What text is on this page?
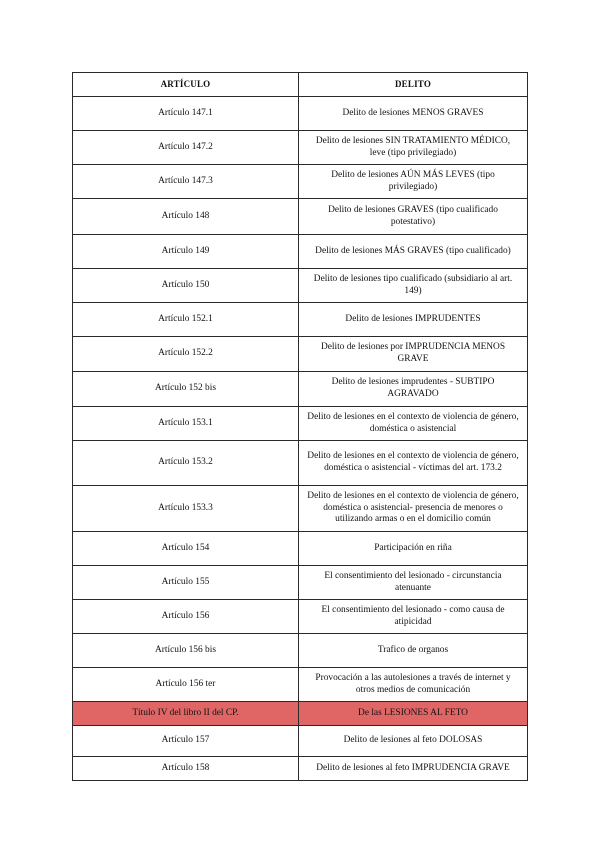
ARTÍCULO	DELITO
Artículo 147.1	Delito de lesiones MENOS GRAVES
Artículo 147.2	Delito de lesiones SIN TRATAMIENTO MÉDICO, leve (tipo privilegiado)
Artículo 147.3	Delito de lesiones AÚN MÁS LEVES (tipo privilegiado)
Artículo 148	Delito de lesiones GRAVES (tipo cualificado potestativo)
Artículo 149	Delito de lesiones MÁS GRAVES (tipo cualificado)
Artículo 150	Delito de lesiones tipo cualificado (subsidiario al art. 149)
Artículo 152.1	Delito de lesiones IMPRUDENTES
Artículo 152.2	Delito de lesiones por IMPRUDENCIA MENOS GRAVE
Artículo 152 bis	Delito de lesiones imprudentes - SUBTIPO AGRAVADO
Artículo 153.1	Delito de lesiones en el contexto de violencia de género, doméstica o asistencial
Artículo 153.2	Delito de lesiones en el contexto de violencia de género, doméstica o asistencial - víctimas del art. 173.2
Artículo 153.3	Delito de lesiones en el contexto de violencia de género, doméstica o asistencial- presencia de menores o utilizando armas o en el domicilio común
Artículo 154	Participación en riña
Artículo 155	El consentimiento del lesionado - circunstancia atenuante
Artículo 156	El consentimiento del lesionado - como causa de atipicidad
Artículo 156 bis	Trafico de organos
Artículo 156 ter	Provocación a las autolesiones a través de internet y otros medios de comunicación
Título IV del libro II del CP.	De las LESIONES AL FETO
Artículo 157	Delito de lesiones al feto DOLOSAS
Artículo 158	Delito de lesiones al feto IMPRUDENCIA GRAVE
